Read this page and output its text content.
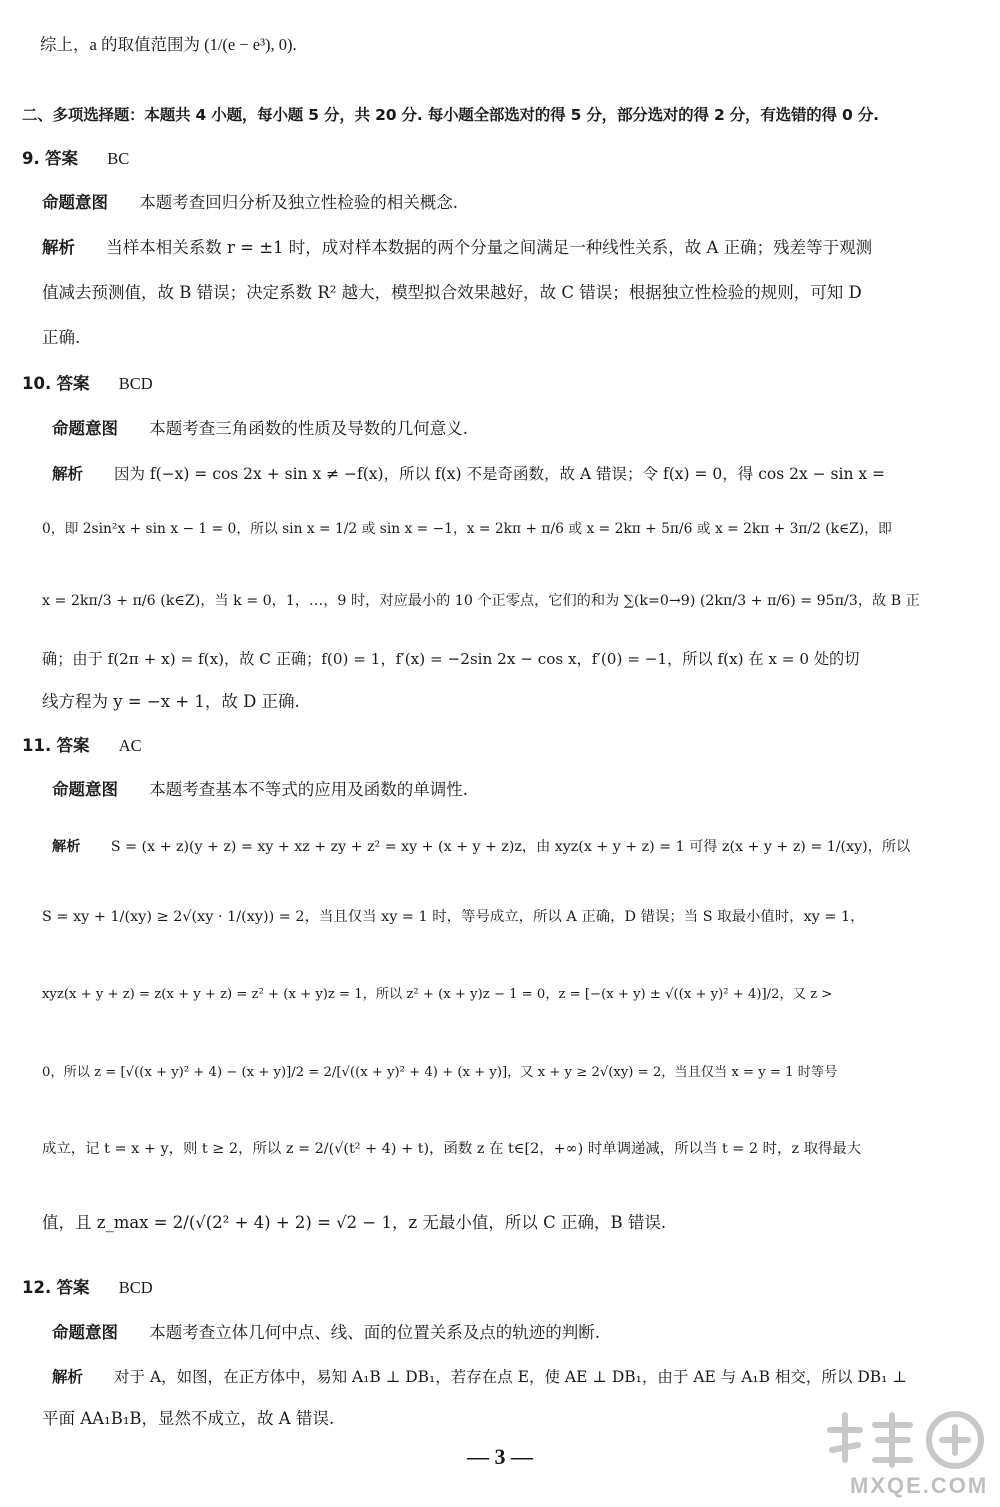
综上，a 的取值范围为 (1/(e − e³), 0).
二、多项选择题：本题共 4 小题，每小题 5 分，共 20 分. 每小题全部选对的得 5 分，部分选对的得 2 分，有选错的得 0 分.
9. 答案 BC
命题意图 本题考查回归分析及独立性检验的相关概念.
解析 当样本相关系数 r = ±1 时，成对样本数据的两个分量之间满足一种线性关系，故 A 正确；残差等于观测
值减去预测值，故 B 错误；决定系数 R² 越大，模型拟合效果越好，故 C 错误；根据独立性检验的规则，可知 D
正确.
10. 答案 BCD
命题意图 本题考查三角函数的性质及导数的几何意义.
解析 因为 f(−x) = cos 2x + sin x ≠ −f(x)，所以 f(x) 不是奇函数，故 A 错误；令 f(x) = 0，得 cos 2x − sin x =
0，即 2sin²x + sin x − 1 = 0，所以 sin x = 1/2 或 sin x = −1，x = 2kπ + π/6 或 x = 2kπ + 5π/6 或 x = 2kπ + 3π/2 (k∈Z)，即
x = 2kπ/3 + π/6 (k∈Z)，当 k = 0，1，…，9 时，对应最小的 10 个正零点，它们的和为 ∑(k=0→9) (2kπ/3 + π/6) = 95π/3，故 B 正
确；由于 f(2π + x) = f(x)，故 C 正确；f(0) = 1，f′(x) = −2sin 2x − cos x，f′(0) = −1，所以 f(x) 在 x = 0 处的切
线方程为 y = −x + 1，故 D 正确.
11. 答案 AC
命题意图 本题考查基本不等式的应用及函数的单调性.
解析 S = (x + z)(y + z) = xy + xz + zy + z² = xy + (x + y + z)z，由 xyz(x + y + z) = 1 可得 z(x + y + z) = 1/(xy)，所以
S = xy + 1/(xy) ≥ 2√(xy · 1/(xy)) = 2，当且仅当 xy = 1 时，等号成立，所以 A 正确，D 错误；当 S 取最小值时，xy = 1，
xyz(x + y + z) = z(x + y + z) = z² + (x + y)z = 1，所以 z² + (x + y)z − 1 = 0，z = [−(x + y) ± √((x + y)² + 4)]/2，又 z >
0，所以 z = [√((x + y)² + 4) − (x + y)]/2 = 2/[√((x + y)² + 4) + (x + y)]，又 x + y ≥ 2√(xy) = 2，当且仅当 x = y = 1 时等号
成立，记 t = x + y，则 t ≥ 2，所以 z = 2/(√(t² + 4) + t)，函数 z 在 t∈[2，+∞) 时单调递减，所以当 t = 2 时，z 取得最大
值，且 z_max = 2/(√(2² + 4) + 2) = √2 − 1，z 无最小值，所以 C 正确，B 错误.
12. 答案 BCD
命题意图 本题考查立体几何中点、线、面的位置关系及点的轨迹的判断.
解析 对于 A，如图，在正方体中，易知 A₁B ⊥ DB₁，若存在点 E，使 AE ⊥ DB₁，由于 AE 与 A₁B 相交，所以 DB₁ ⊥
平面 AA₁B₁B，显然不成立，故 A 错误.
— 3 —
MXQE.COM
